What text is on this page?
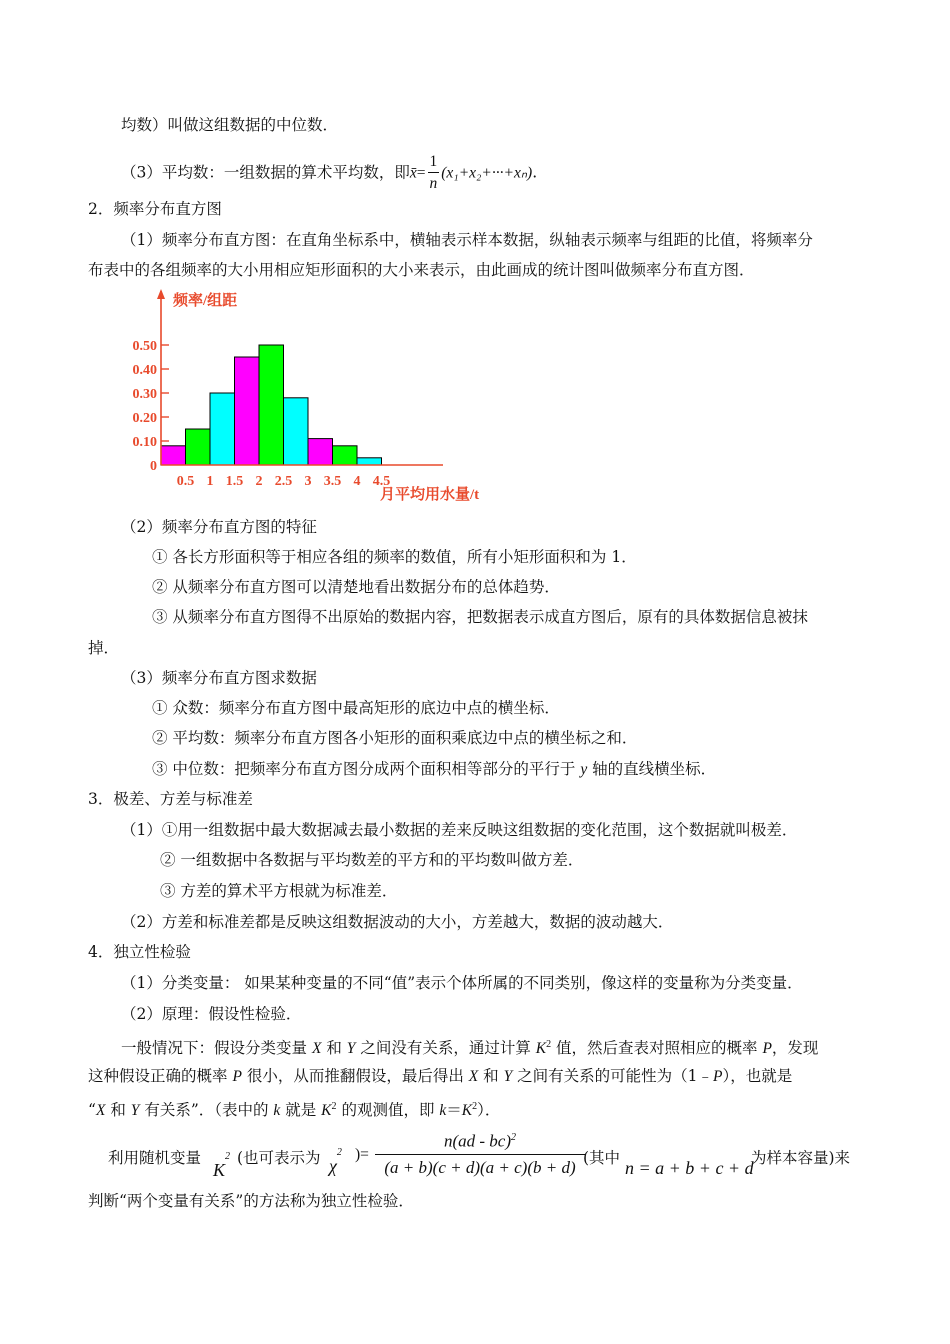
均数）叫做这组数据的中位数．
（3）平均数：一组数据的算术平均数，即x̄= $\frac{1}{n} (x_1+x_2+\cdot\cdot\cdot+x_n)$.
2．频率分布直方图
（1）频率分布直方图：在直角坐标系中，横轴表示样本数据，纵轴表示频率与组距的比值，将频率分
布表中的各组频率的大小用相应矩形面积的大小来表示，由此画成的统计图叫做频率分布直方图．
0
0.10
0.20
0.30
0.40
0.50
0.5 1 1.5 2 2.5 3 3.5 4 4.5
频率/组距
月平均用水量/t
（2）频率分布直方图的特征
① 各长方形面积等于相应各组的频率的数值，所有小矩形面积和为 1．
② 从频率分布直方图可以清楚地看出数据分布的总体趋势．
③ 从频率分布直方图得不出原始的数据内容，把数据表示成直方图后，原有的具体数据信息被抹
掉．
（3）频率分布直方图求数据
① 众数：频率分布直方图中最高矩形的底边中点的横坐标．
② 平均数：频率分布直方图各小矩形的面积乘底边中点的横坐标之和．
③ 中位数：把频率分布直方图分成两个面积相等部分的平行于 y 轴的直线横坐标．
3．极差、方差与标准差
（1）①用一组数据中最大数据减去最小数据的差来反映这组数据的变化范围，这个数据就叫极差．
② 一组数据中各数据与平均数差的平方和的平均数叫做方差．
③ 方差的算术平方根就为标准差．
（2）方差和标准差都是反映这组数据波动的大小，方差越大，数据的波动越大．
4．独立性检验
（1）分类变量： 如果某种变量的不同“值”表示个体所属的不同类别，像这样的变量称为分类变量．
（2）原理：假设性检验．
一般情况下：假设分类变量 X 和 Y 之间没有关系，通过计算 $K^2$ 值，然后查表对照相应的概率 P，发现
这种假设正确的概率 P 很小，从而推翻假设，最后得出 X 和 Y 之间有关系的可能性为（1﹣P），也就是
“X 和 Y 有关系”．（表中的 k 就是 $K^2$ 的观测值，即 $k=K^2$）．
利用随机变量
$K^2$ (也可表示为 $\chi^2$ )= $\frac{n(ad - bc)^2}{(a + b)(c + d)(a + c)(b + d)}$
(其中 n = a + b + c + d
为样本容量)来
判断“两个变量有关系”的方法称为独立性检验．
